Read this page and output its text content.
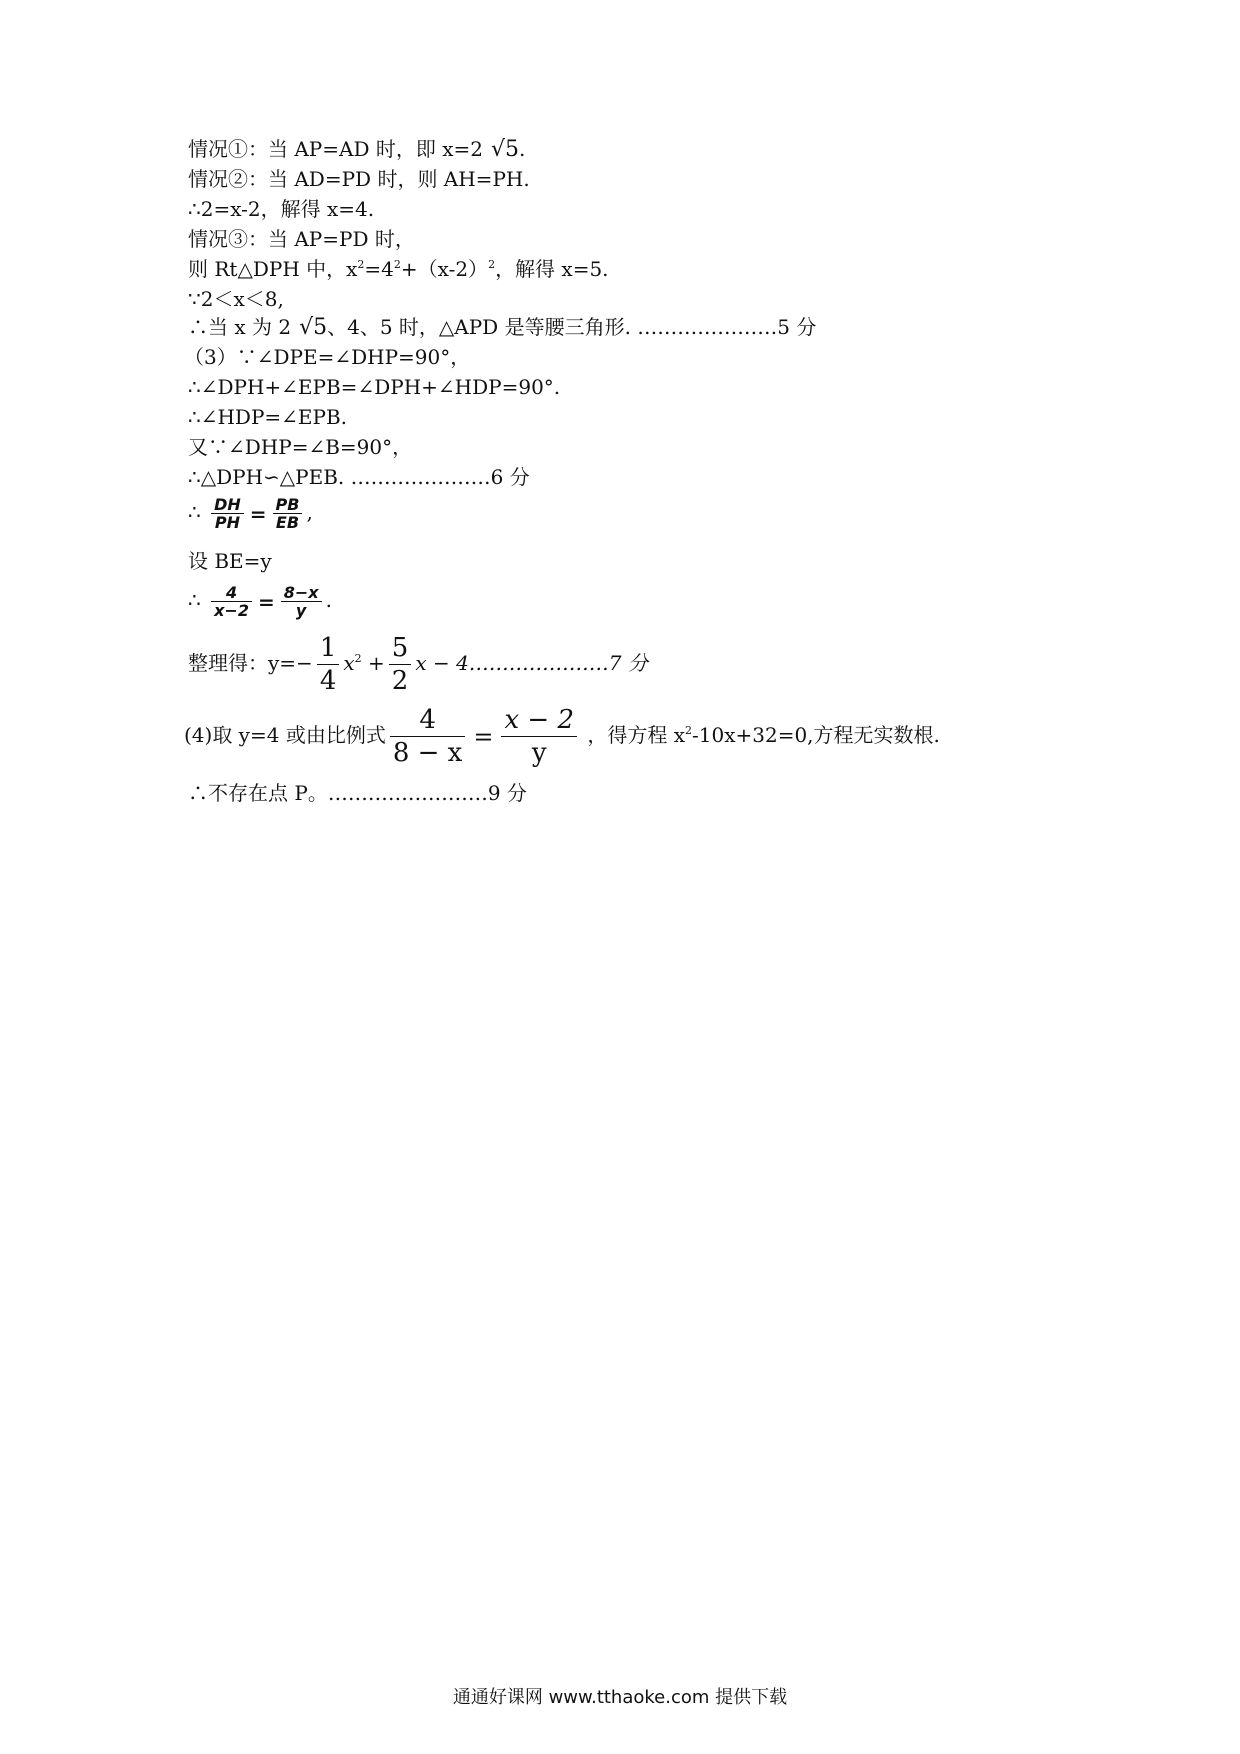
情况①：当 AP=AD 时，即 x=2 √5.
情况②：当 AD=PD 时，则 AH=PH.
∴2=x-2，解得 x=4.
情况③：当 AP=PD 时，
则 Rt△DPH 中，$x^2=4^2+(x-2)^2$，解得 x=5.
∵2＜x＜8,
∴当 x 为 2 √5、4、5 时，△APD 是等腰三角形. …………………5 分
（3）∵∠DPE=∠DHP=90°，
∴∠DPH+∠EPB=∠DPH+∠HDP=90°.
∴∠HDP=∠EPB.
又∵∠DHP=∠B=90°，
∴△DPH∽△PEB. …………………6 分
∴ $\frac{DH}{PH} = \frac{PB}{EB}$ ,
设 BE=y
∴ $\frac{4}{x-2} = \frac{8-x}{y}$ .
整理得：$y=- \frac{1}{4} x^2 + \frac{5}{2}$ x − 4…………………7 分
(4)取 y=4 或由比例式 $\frac{4}{8 - x} = \frac{x - 2}{y}$ ，得方程 $x^2-10x+32=0$,方程无实数根.
∴不存在点 P。……………………9 分
通通好课网 www.tthaoke.com 提供下载
